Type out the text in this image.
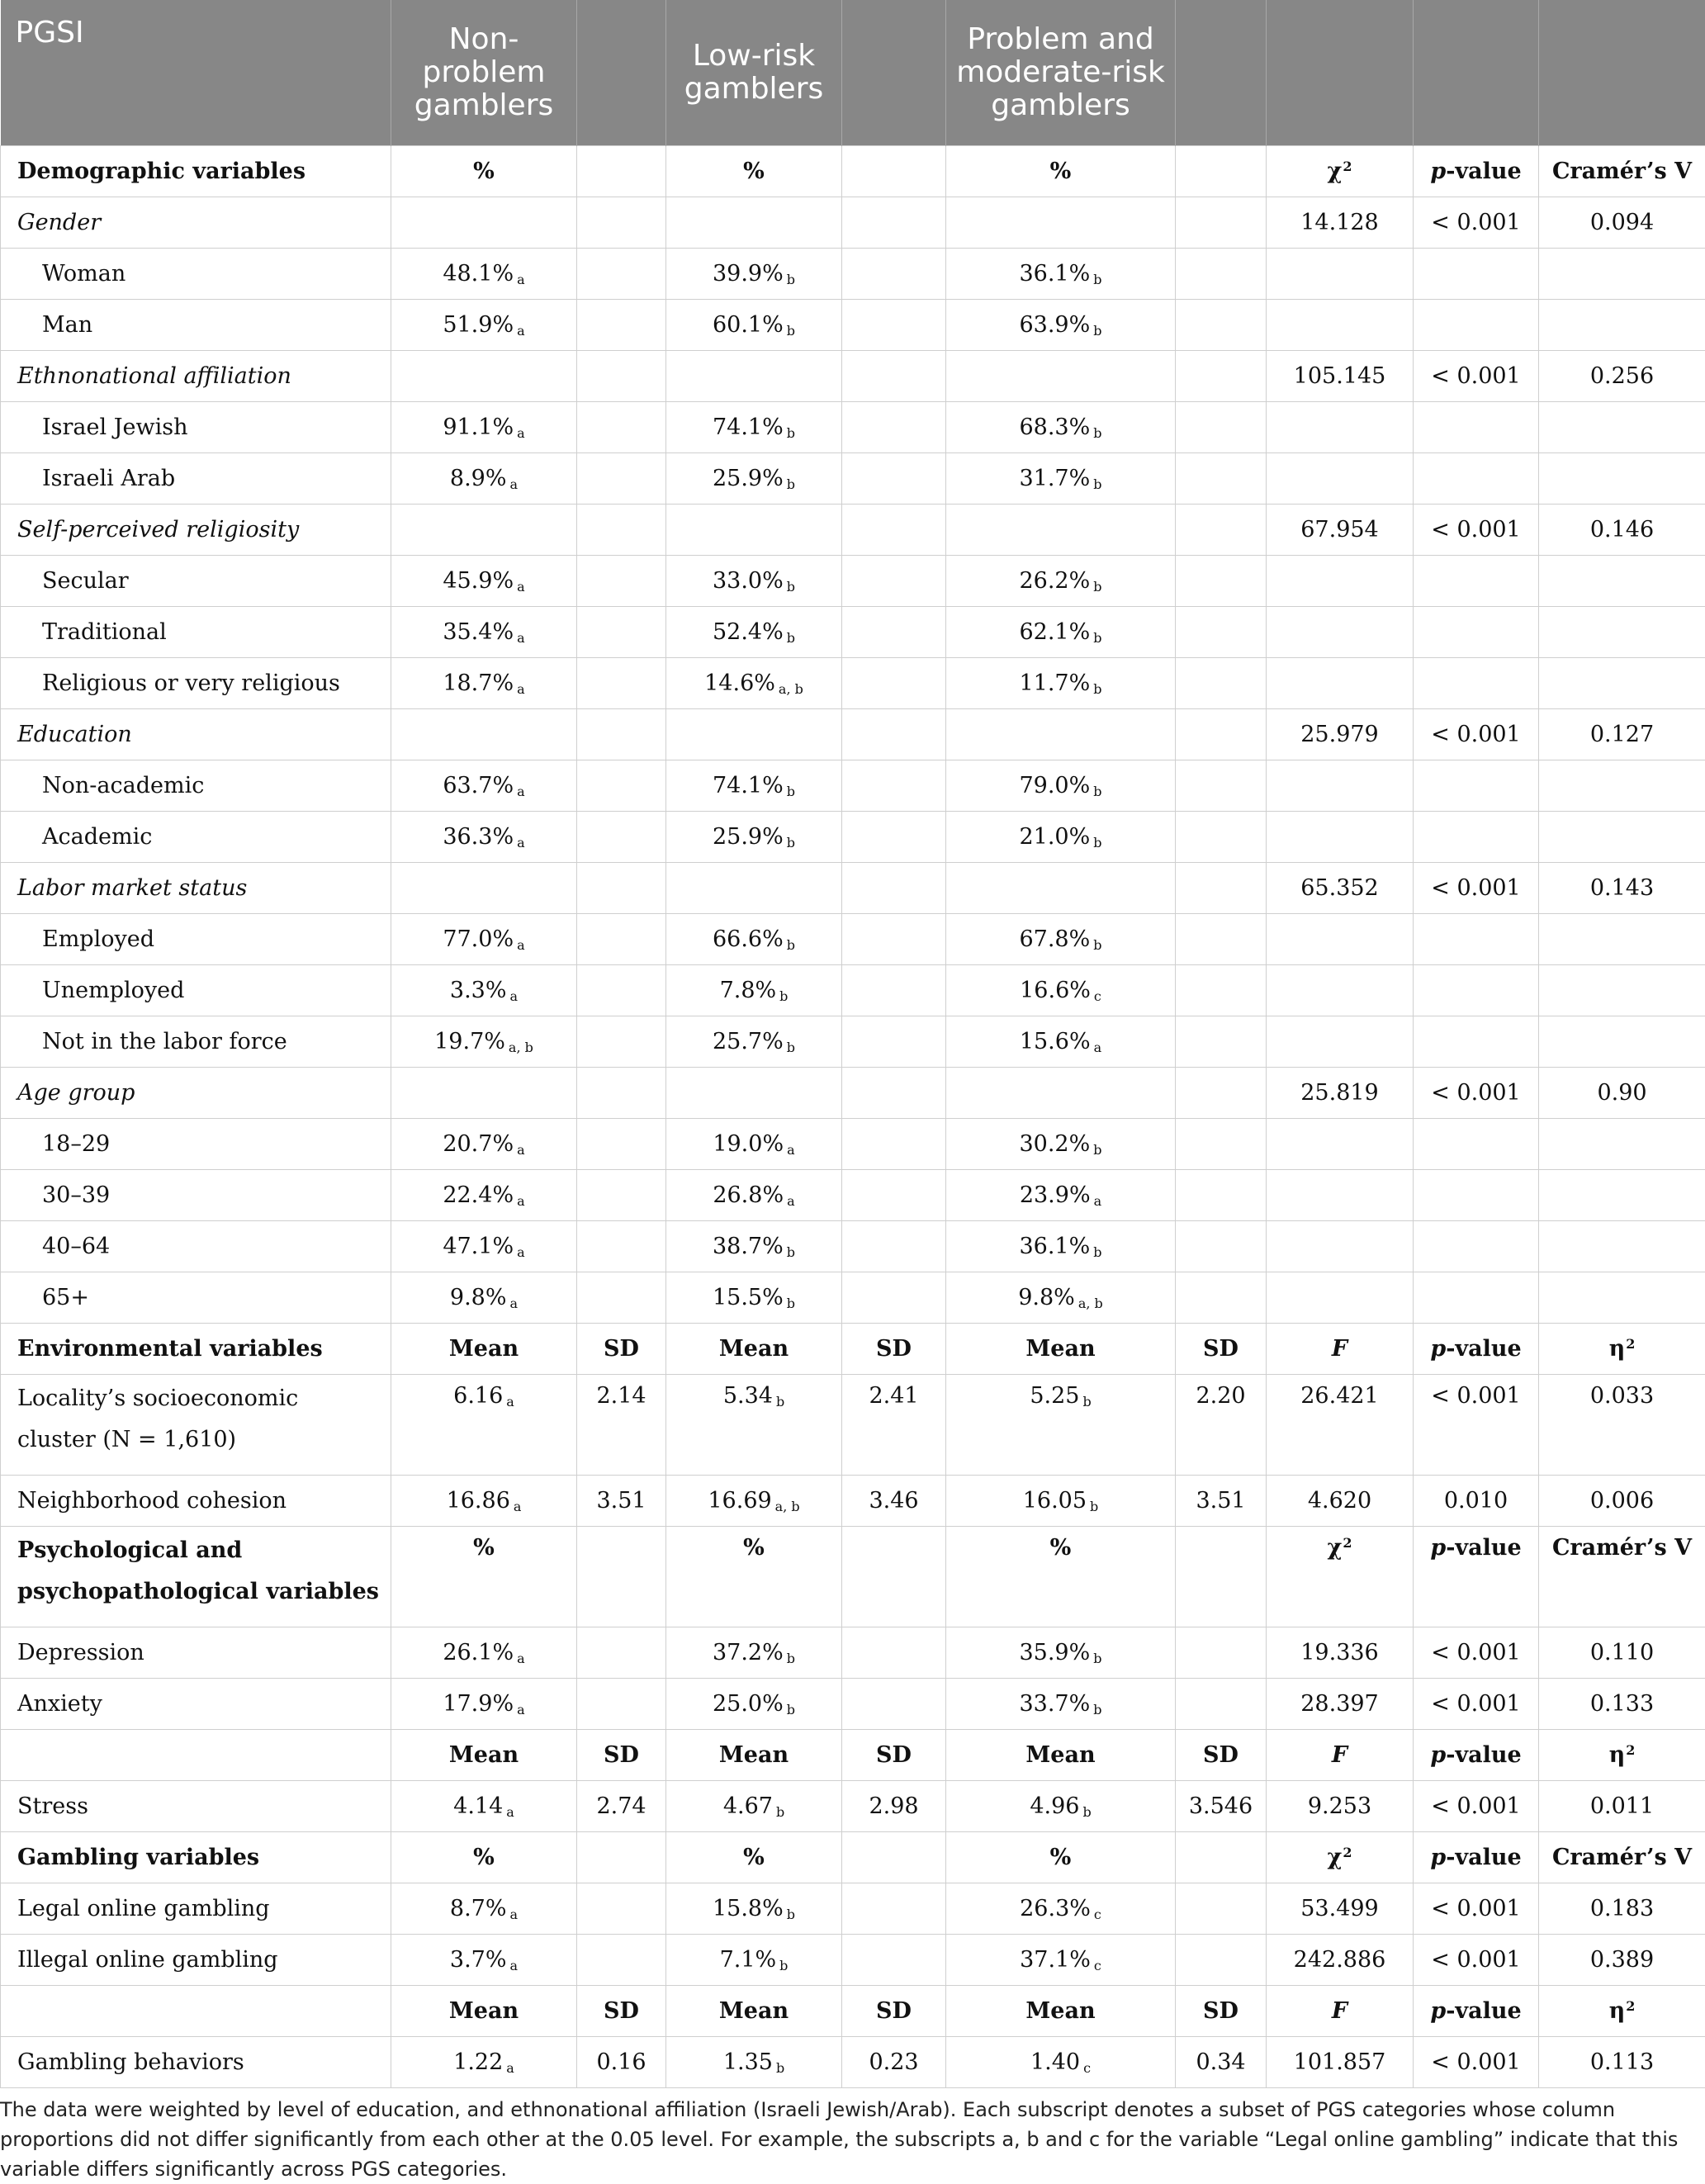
PGSI	Non-problem gamblers		Low-risk gamblers		Problem and moderate-risk gamblers				
Demographic variables	%		%		%		$\chi^2$	p-value	Cramér’s V
Gender							14.128	< 0.001	0.094
Woman	48.1% $_a$		39.9% $_b$		36.1% $_b$				
Man	51.9% $_a$		60.1% $_b$		63.9% $_b$				
Ethnonational affiliation							105.145	< 0.001	0.256
Israel Jewish	91.1% $_a$		74.1% $_b$		68.3% $_b$				
Israeli Arab	8.9% $_a$		25.9% $_b$		31.7% $_b$				
Self-perceived religiosity							67.954	< 0.001	0.146
Secular	45.9% $_a$		33.0% $_b$		26.2% $_b$				
Traditional	35.4% $_a$		52.4% $_b$		62.1% $_b$				
Religious or very religious	18.7% $_a$		14.6% $_{a, b}$		11.7% $_b$				
Education							25.979	< 0.001	0.127
Non-academic	63.7% $_a$		74.1% $_b$		79.0% $_b$				
Academic	36.3% $_a$		25.9% $_b$		21.0% $_b$				
Labor market status							65.352	< 0.001	0.143
Employed	77.0% $_a$		66.6% $_b$		67.8% $_b$				
Unemployed	3.3% $_a$		7.8% $_b$		16.6% $_c$				
Not in the labor force	19.7% $_{a, b}$		25.7% $_b$		15.6% $_a$				
Age group							25.819	< 0.001	0.90
18–29	20.7% $_a$		19.0% $_a$		30.2% $_b$				
30–39	22.4% $_a$		26.8% $_a$		23.9% $_a$				
40–64	47.1% $_a$		38.7% $_b$		36.1% $_b$				
65+	9.8% $_a$		15.5% $_b$		9.8% $_{a, b}$				
Environmental variables	Mean	SD	Mean	SD	Mean	SD	F	p-value	$\eta^2$
Locality’s socioeconomic cluster (N = 1,610)	6.16 $_a$	2.14	5.34 $_b$	2.41	5.25 $_b$	2.20	26.421	< 0.001	0.033
Neighborhood cohesion	16.86 $_a$	3.51	16.69 $_{a, b}$	3.46	16.05 $_b$	3.51	4.620	0.010	0.006
Psychological and psychopathological variables	%		%		%		$\chi^2$	p-value	Cramér’s V
Depression	26.1% $_a$		37.2% $_b$		35.9% $_b$		19.336	< 0.001	0.110
Anxiety	17.9% $_a$		25.0% $_b$		33.7% $_b$		28.397	< 0.001	0.133
	Mean	SD	Mean	SD	Mean	SD	F	p-value	$\eta^2$
Stress	4.14 $_a$	2.74	4.67 $_b$	2.98	4.96 $_b$	3.546	9.253	< 0.001	0.011
Gambling variables	%		%		%		$\chi^2$	p-value	Cramér’s V
Legal online gambling	8.7% $_a$		15.8% $_b$		26.3% $_c$		53.499	< 0.001	0.183
Illegal online gambling	3.7% $_a$		7.1% $_b$		37.1% $_c$		242.886	< 0.001	0.389
	Mean	SD	Mean	SD	Mean	SD	F	p-value	$\eta^2$
Gambling behaviors	1.22 $_a$	0.16	1.35 $_b$	0.23	1.40 $_c$	0.34	101.857	< 0.001	0.113

The data were weighted by level of education, and ethnonational affiliation (Israeli Jewish/Arab). Each subscript denotes a subset of PGS categories whose column proportions did not differ significantly from each other at the 0.05 level. For example, the subscripts a, b and c for the variable “Legal online gambling” indicate that this variable differs significantly across PGS categories.
